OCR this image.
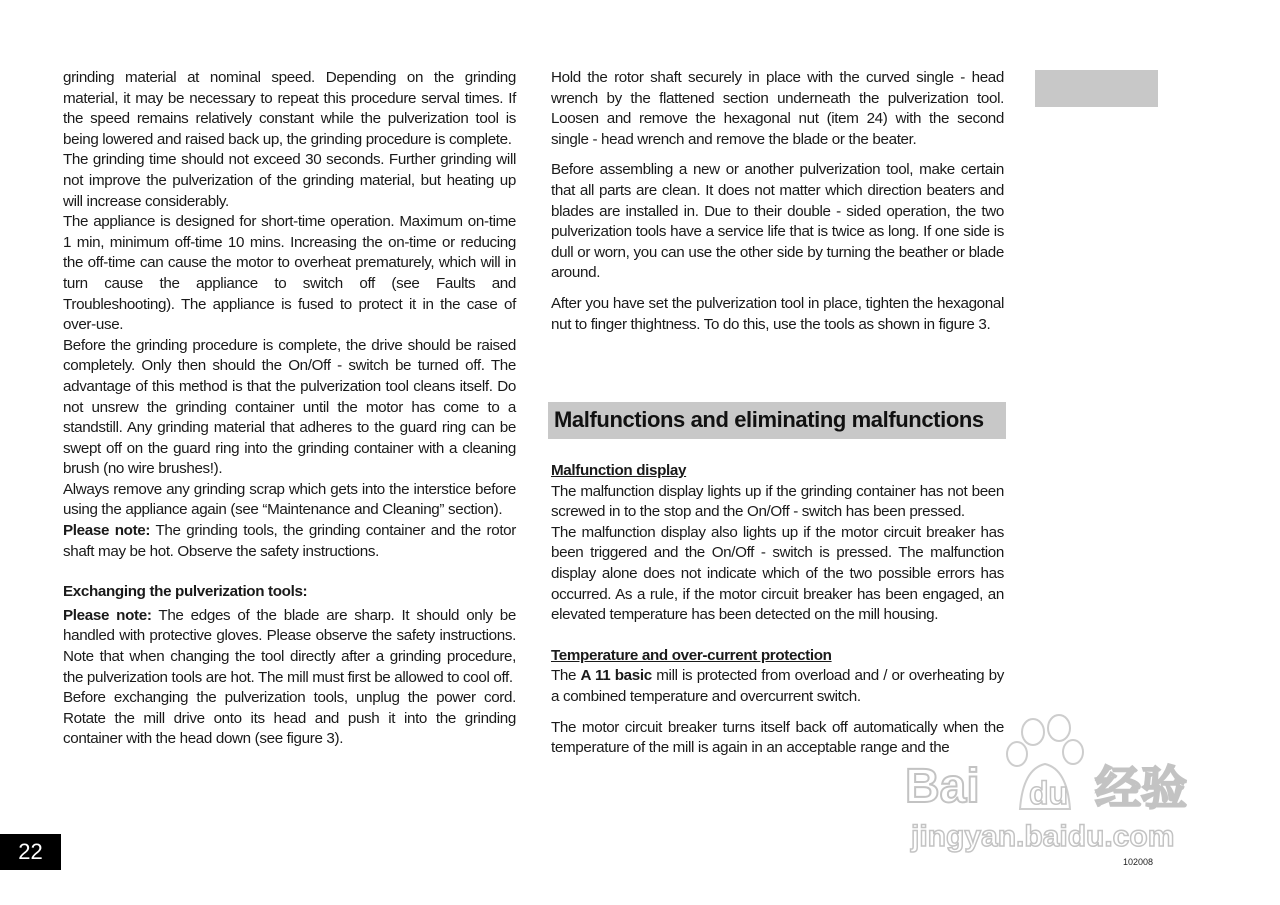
grinding material at nominal speed. Depending on the grinding material, it may be necessary to repeat this procedure serval times. If the speed remains relatively constant while the pulverization tool is being lowered and raised back up, the grinding procedure is complete.

The grinding time should not exceed 30 seconds. Further grinding will not improve the pulverization of the grinding material, but heating up will increase considerably.

The appliance is designed for short-time operation. Maximum on-time 1 min, minimum off-time 10 mins. Increasing the on-time or reducing the off-time can cause the motor to overheat prematurely, which will in turn cause the appliance to switch off (see Faults and Troubleshooting). The appliance is fused to protect it in the case of over-use.

Before the grinding procedure is complete, the drive should be raised completely. Only then should the On/Off - switch be turned off. The advantage of this method is that the pulverization tool cleans itself. Do not unsrew the grinding container until the motor has come to a standstill. Any grinding material that adheres to the guard ring can be swept off on the guard ring into the grinding container with a cleaning brush (no wire brushes!).

Always remove any grinding scrap which gets into the interstice before using the appliance again (see “Maintenance and Cleaning” section).

Please note: The grinding tools, the grinding container and the rotor shaft may be hot. Observe the safety instructions.

Exchanging the pulverization tools:

Please note: The edges of the blade are sharp. It should only be handled with protective gloves. Please observe the safety instructions. Note that when changing the tool directly after a grinding procedure, the pulverization tools are hot. The mill must first be allowed to cool off.

Before exchanging the pulverization tools, unplug the power cord. Rotate the mill drive onto its head and push it into the grinding container with the head down (see figure 3).

Hold the rotor shaft securely in place with the curved single - head wrench by the flattened section underneath the pulverization tool. Loosen and remove the hexagonal nut (item 24) with the second single - head wrench and remove the blade or the beater.

Before assembling a new or another pulverization tool, make certain that all parts are clean. It does not matter which direction beaters and blades are installed in. Due to their double - sided operation, the two pulverization tools have a service life that is twice as long. If one side is dull or worn, you can use the other side by turning the beather or blade around.

After you have set the pulverization tool in place, tighten the hexagonal nut to finger thightness. To do this, use the tools as shown in figure 3.

Malfunctions and eliminating malfunctions

Malfunction display

The malfunction display lights up if the grinding container has not been screwed in to the stop and the On/Off - switch has been pressed.

The malfunction display also lights up if the motor circuit breaker has been triggered and the On/Off - switch is pressed. The malfunction display alone does not indicate which of the two possible errors has occurred. As a rule, if the motor circuit breaker has been engaged, an elevated temperature has been detected on the mill housing.

Temperature and over-current protection

The A 11 basic mill is protected from overload and / or overheating by a combined temperature and overcurrent switch.

The motor circuit breaker turns itself back off automatically when the temperature of the mill is again in an acceptable range and the

22	102008
Bai du 经验
jingyan.baidu.com
